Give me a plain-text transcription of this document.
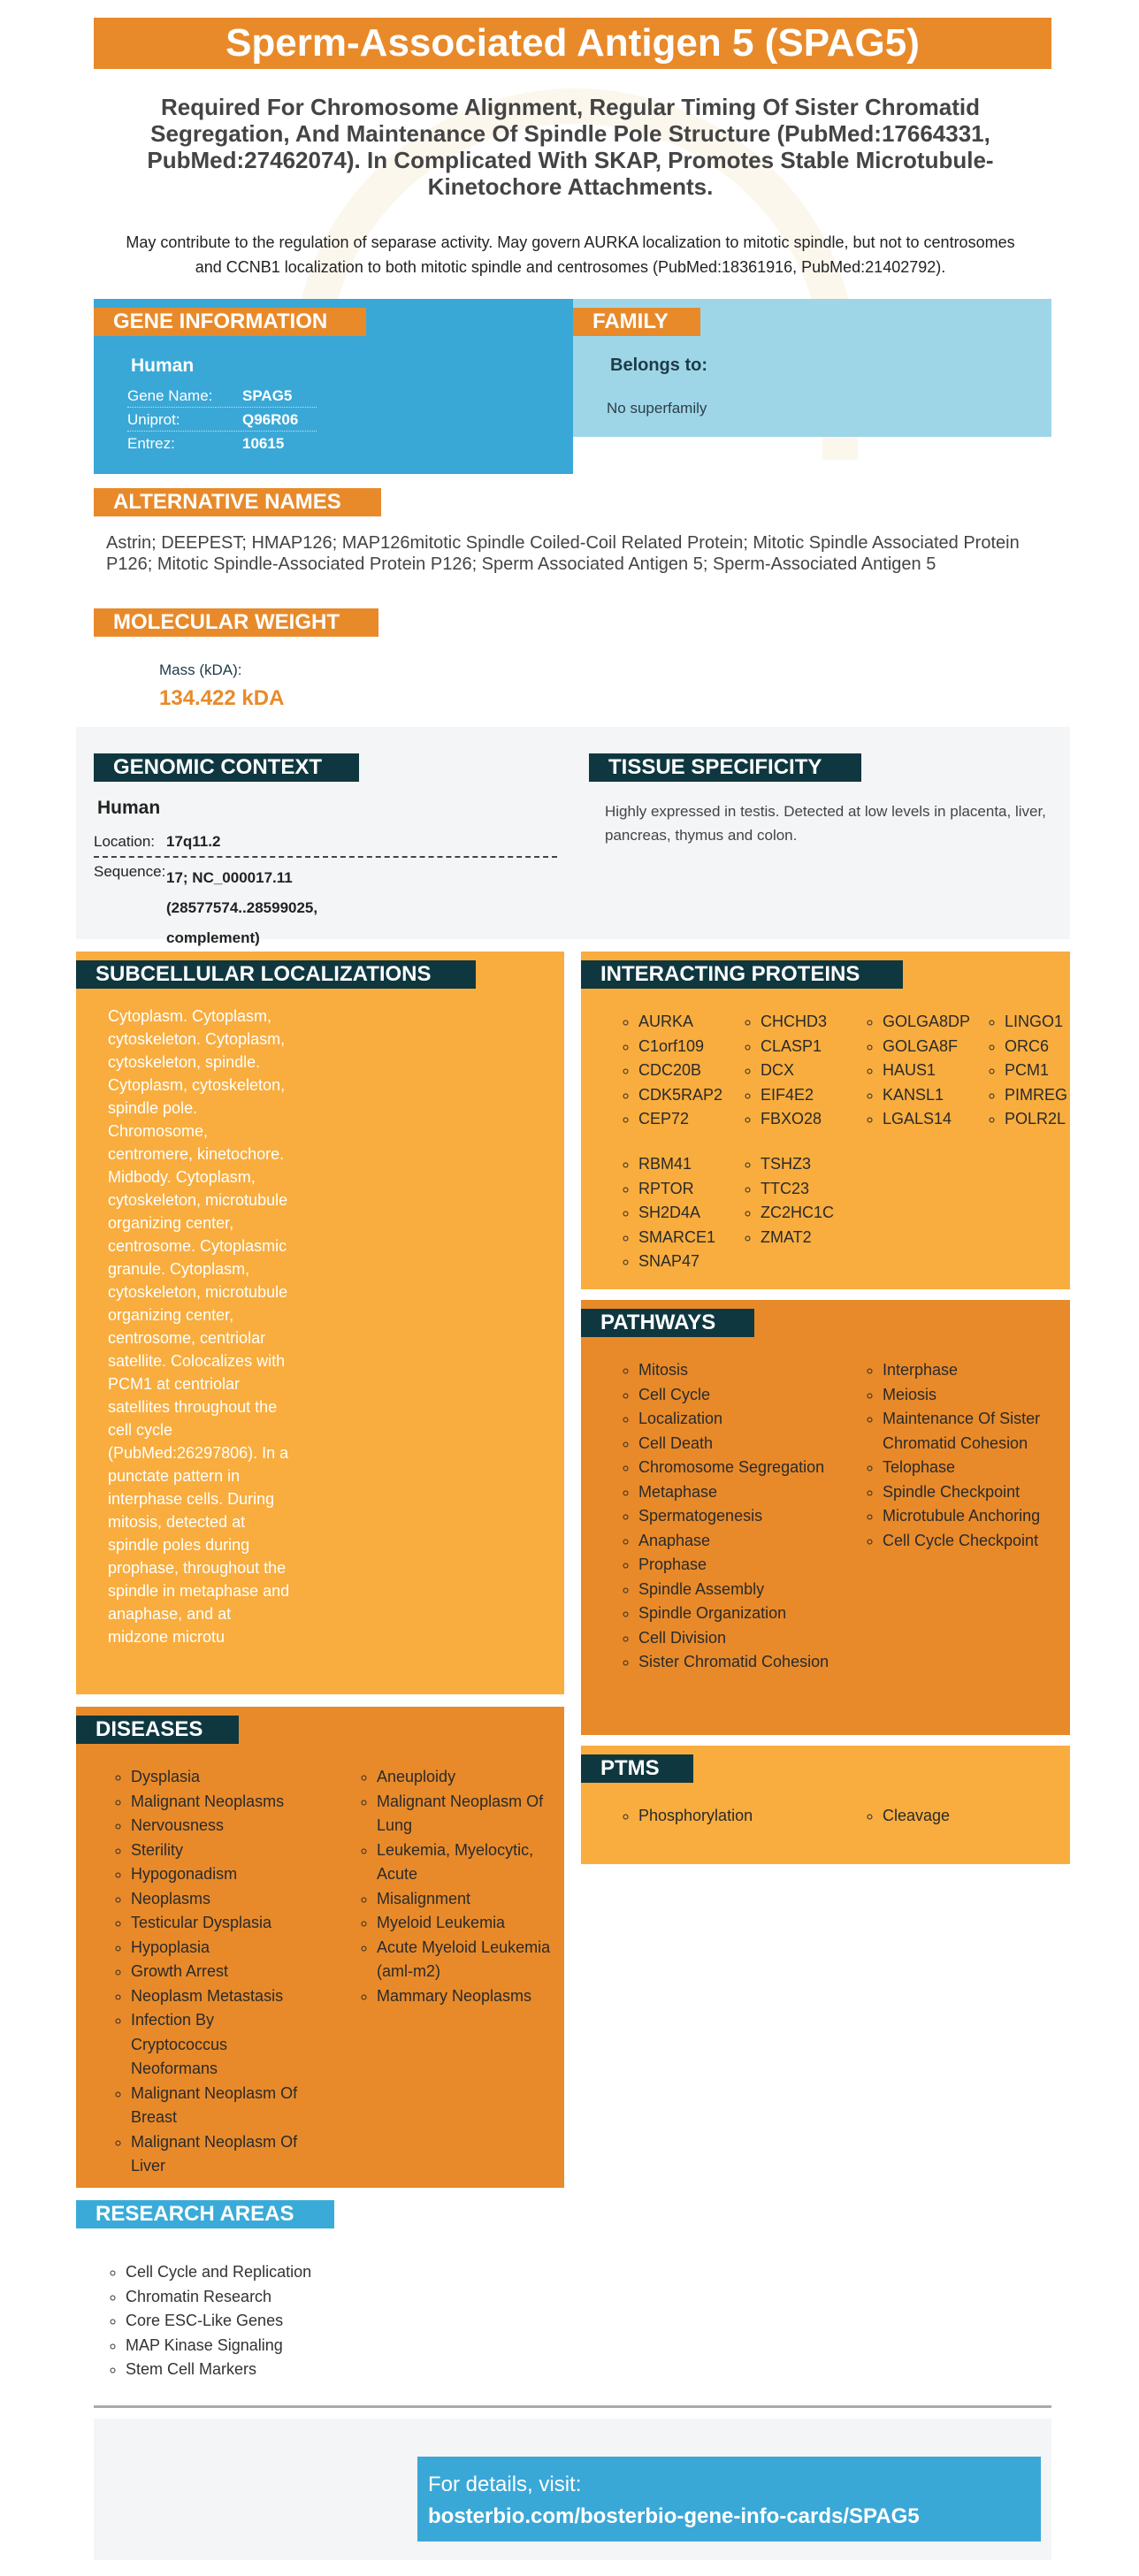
Sperm-Associated Antigen 5 (SPAG5)
Required For Chromosome Alignment, Regular Timing Of Sister Chromatid Segregation, And Maintenance Of Spindle Pole Structure (PubMed:17664331, PubMed:27462074). In Complicated With SKAP, Promotes Stable Microtubule-Kinetochore Attachments.
May contribute to the regulation of separase activity. May govern AURKA localization to mitotic spindle, but not to centrosomes and CCNB1 localization to both mitotic spindle and centrosomes (PubMed:18361916, PubMed:21402792).
GENE INFORMATION
Human
Gene Name:	SPAG5
Uniprot:	Q96R06
Entrez:	10615
FAMILY
Belongs to:
No superfamily
ALTERNATIVE NAMES
Astrin; DEEPEST; HMAP126; MAP126mitotic Spindle Coiled-Coil Related Protein; Mitotic Spindle Associated Protein P126; Mitotic Spindle-Associated Protein P126; Sperm Associated Antigen 5; Sperm-Associated Antigen 5
MOLECULAR WEIGHT
Mass (kDA):
134.422 kDA
GENOMIC CONTEXT
Human
Location: 17q11.2
Sequence: 17; NC_000017.11 (28577574..28599025, complement)
TISSUE SPECIFICITY
Highly expressed in testis. Detected at low levels in placenta, liver, pancreas, thymus and colon.
SUBCELLULAR LOCALIZATIONS
Cytoplasm. Cytoplasm, cytoskeleton. Cytoplasm, cytoskeleton, spindle. Cytoplasm, cytoskeleton, spindle pole. Chromosome, centromere, kinetochore. Midbody. Cytoplasm, cytoskeleton, microtubule organizing center, centrosome. Cytoplasmic granule. Cytoplasm, cytoskeleton, microtubule organizing center, centrosome, centriolar satellite. Colocalizes with PCM1 at centriolar satellites throughout the cell cycle (PubMed:26297806). In a punctate pattern in interphase cells. During mitosis, detected at spindle poles during prophase, throughout the spindle in metaphase and anaphase, and at midzone microtu
INTERACTING PROTEINS
◦ AURKA
◦ C1orf109
◦ CDC20B
◦ CDK5RAP2
◦ CEP72
◦ CHCHD3
◦ CLASP1
◦ DCX
◦ EIF4E2
◦ FBXO28
◦ GOLGA8DP
◦ GOLGA8F
◦ HAUS1
◦ KANSL1
◦ LGALS14
◦ LINGO1
◦ ORC6
◦ PCM1
◦ PIMREG
◦ POLR2L
◦ RBM41
◦ RPTOR
◦ SH2D4A
◦ SMARCE1
◦ SNAP47
◦ TSHZ3
◦ TTC23
◦ ZC2HC1C
◦ ZMAT2
PATHWAYS
◦ Mitosis
◦ Cell Cycle
◦ Localization
◦ Cell Death
◦ Chromosome Segregation
◦ Metaphase
◦ Spermatogenesis
◦ Anaphase
◦ Prophase
◦ Spindle Assembly
◦ Spindle Organization
◦ Cell Division
◦ Sister Chromatid Cohesion
◦ Interphase
◦ Meiosis
◦ Maintenance Of Sister Chromatid Cohesion
◦ Telophase
◦ Spindle Checkpoint
◦ Microtubule Anchoring
◦ Cell Cycle Checkpoint
PTMS
◦ Phosphorylation
◦	Cleavage
DISEASES
◦ Dysplasia
◦ Malignant Neoplasms
◦ Nervousness
◦ Sterility
◦ Hypogonadism
◦ Neoplasms
◦ Testicular Dysplasia
◦ Hypoplasia
◦ Growth Arrest
◦ Neoplasm Metastasis
◦ Infection By Cryptococcus Neoformans
◦ Malignant Neoplasm Of Breast
◦ Malignant Neoplasm Of Liver
◦ Aneuploidy
◦ Malignant Neoplasm Of Lung
◦ Leukemia, Myelocytic, Acute
◦ Misalignment
◦ Myeloid Leukemia
◦ Acute Myeloid Leukemia (aml-m2)
◦ Mammary Neoplasms
RESEARCH AREAS
◦ Cell Cycle and Replication
◦ Chromatin Research
◦ Core ESC-Like Genes
◦ MAP Kinase Signaling
◦ Stem Cell Markers
For details, visit:
bosterbio.com/bosterbio-gene-info-cards/SPAG5
